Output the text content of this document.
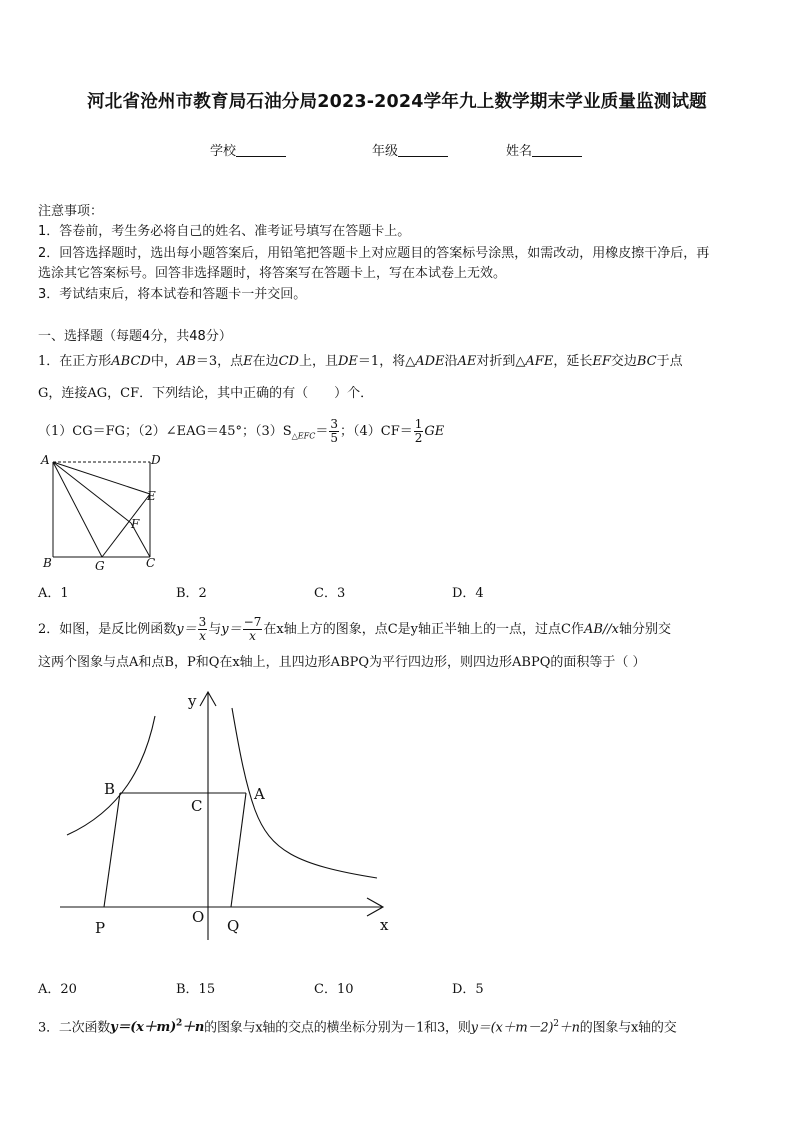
河北省沧州市教育局石油分局2023-2024学年九上数学期末学业质量监测试题
学校	年级	姓名
注意事项：
1．答卷前，考生务必将自己的姓名、准考证号填写在答题卡上。
2．回答选择题时，选出每小题答案后，用铅笔把答题卡上对应题目的答案标号涂黑，如需改动，用橡皮擦干净后，再
选涂其它答案标号。回答非选择题时，将答案写在答题卡上，写在本试卷上无效。
3．考试结束后，将本试卷和答题卡一并交回。
一、选择题（每题4分，共48分）
1．在正方形ABCD中，AB＝3，点E在边CD上，且DE＝1，将△ADE沿AE对折到△AFE，延长EF交边BC于点
G，连接AG，CF．下列结论，其中正确的有（　　）个．
（1）CG＝FG；（2）∠EAG＝45°；$(3)S_{\triangle EFC}= \frac{3}{5}$ ；$(4)CF= \frac{1}{2}$ GE
A	D
E
F
B	G	C
A．1	B．2	C．3	D．4
2．如图，是反比例函数$y= \frac{3}{x}$与$y= \frac{-7}{x}$在x轴上方的图象，点C是y轴正半轴上的一点，过点C作AB//x轴分别交
这两个图象与点A和点B，P和Q在x轴上，且四边形ABPQ为平行四边形，则四边形ABPQ的面积等于（ ）
y
x
B	A
C
O
P	Q
A．20	B．15	C．10	D．5
3．二次函数$y=(x+m)^2+n$的图象与x轴的交点的横坐标分别为－1和3，则$y=(x+m-2)^2+n$的图象与x轴的交
